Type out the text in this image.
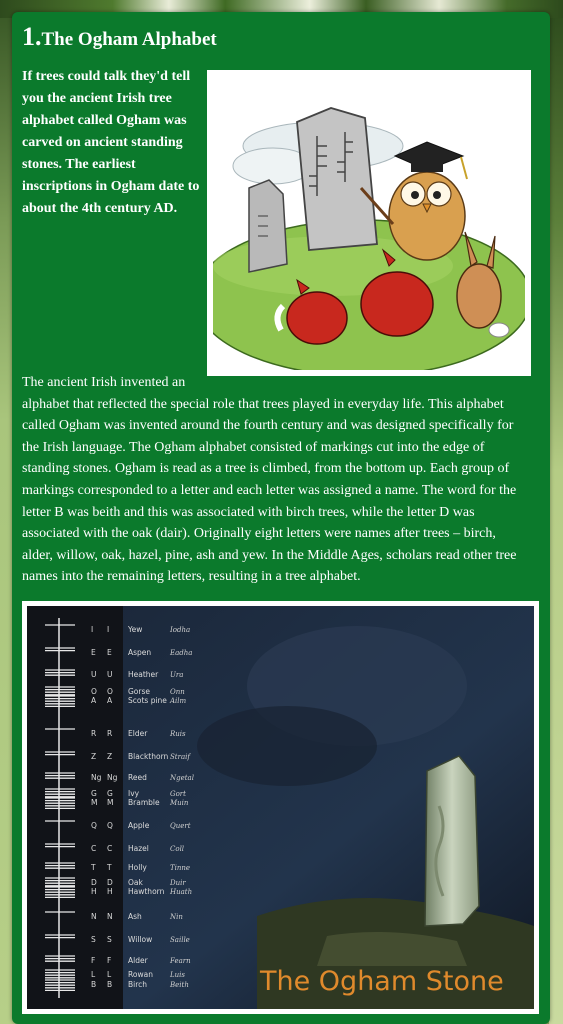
1. The Ogham Alphabet

If trees could talk they'd tell you the ancient Irish tree alphabet called Ogham was carved on ancient standing stones. The earliest inscriptions in Ogham date to about the 4th century AD.

The ancient Irish invented an
alphabet that reflected the special role that trees played in everyday life. This alphabet called Ogham was invented around the fourth century and was designed specifically for the Irish language. The Ogham alphabet consisted of markings cut into the edge of standing stones. Ogham is read as a tree is climbed, from the bottom up. Each group of markings corresponded to a letter and each letter was assigned a name. The word for the letter B was beith and this was associated with birch trees, while the letter D was associated with the oak (dair). Originally eight letters were names after trees – birch, alder, willow, oak, hazel, pine, ash and yew. In the Middle Ages, scholars read other tree names into the remaining letters, resulting in a tree alphabet.

I I	Yew	Iodha
E E Aspen	Eadha
U U Heather Ura
O O Gorse	Onn
A A Scots pine Ailm
R R Elder	Ruis
Z Z Blackthorn Straif
Ng Ng Reed	Ngetal
G G Ivy	Gort
M M Bramble Muin
Q Q Apple	Quert
C C Hazel	Coll
T T Holly	Tinne
D D Oak	Duir
H H Hawthorn Huath
N N Ash	Nin
S S Willow	Saille
F F Alder	Fearn
L L Rowan Luis
B B Birch	Beith	The Ogham Stone
